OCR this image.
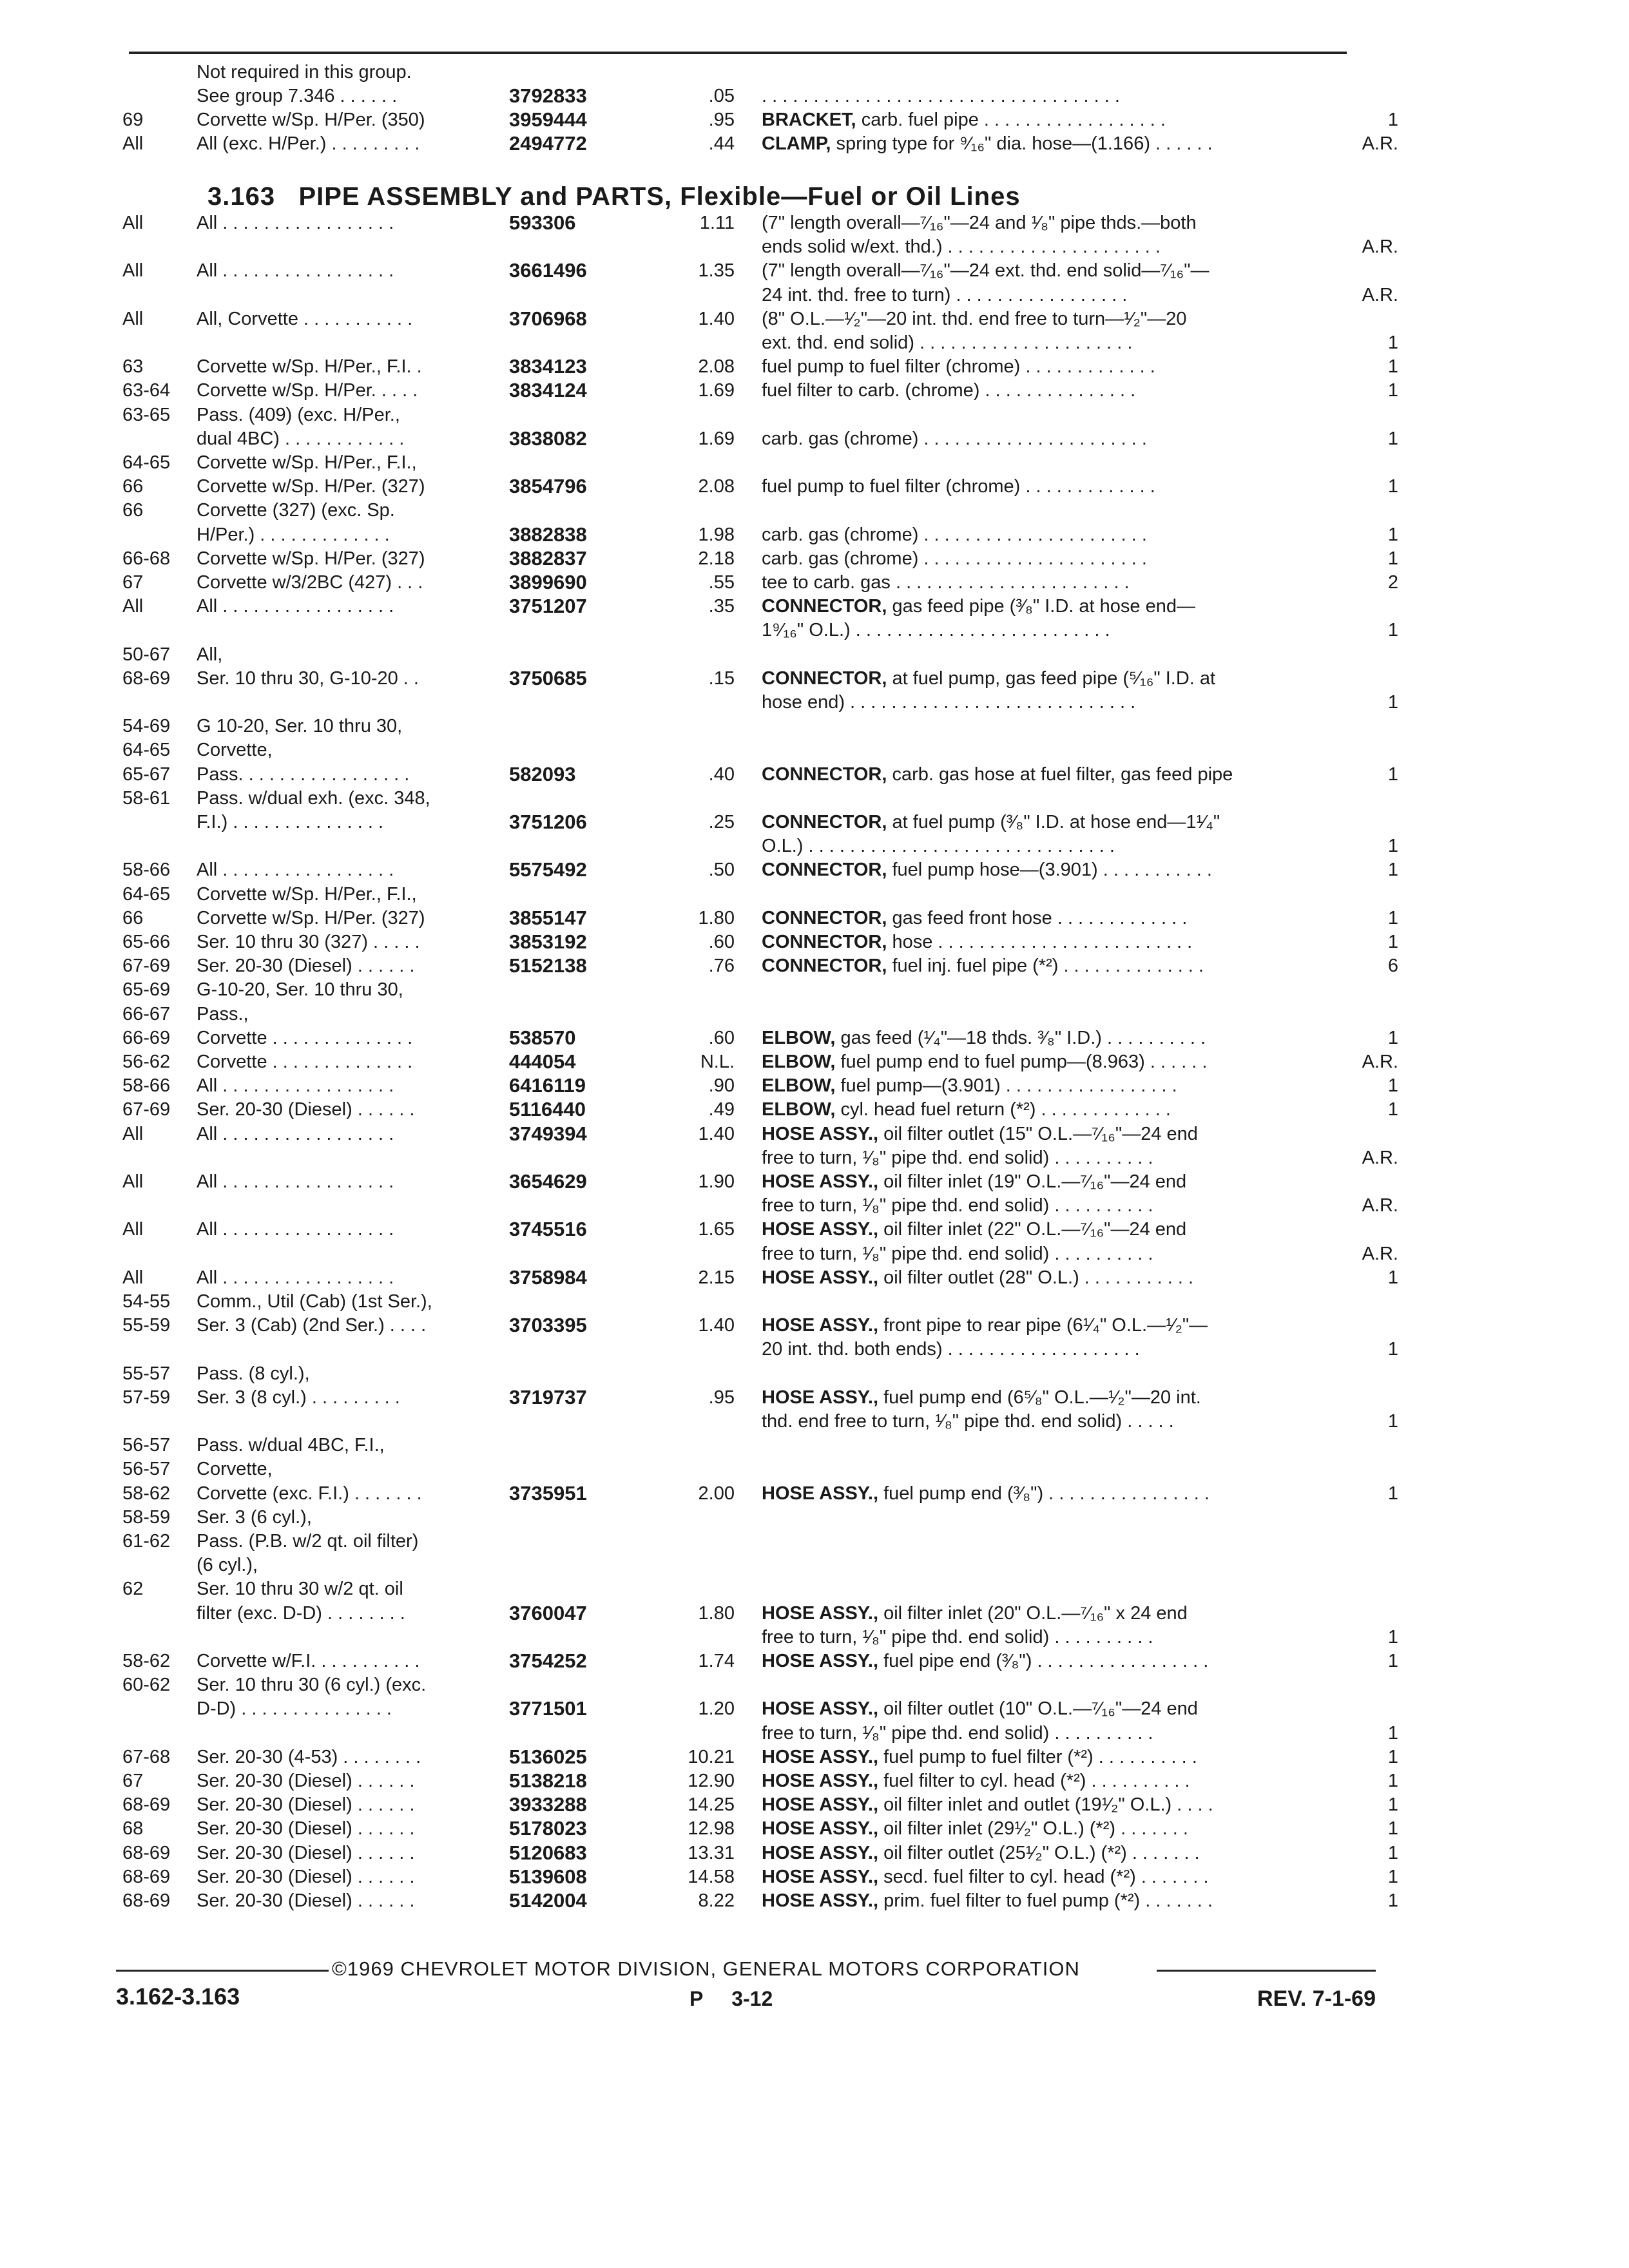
3.163 PIPE ASSEMBLY and PARTS, Flexible—Fuel or Oil Lines
Not required in this group.
See group 7.346 . . . . . .	3792833	.05 . . . . . . . . . . . . . . . . . . . . . . . . . . . . . . . . . . .
69	Corvette w/Sp. H/Per. (350)	3959444	.95 BRACKET, carb. fuel pipe . . . . . . . . . . . . . . . . . .	1
All	All (exc. H/Per.) . . . . . . . . .	2494772	.44 CLAMP, spring type for ⁹⁄₁₆" dia. hose—(1.166) . . . . . .	A.R.
All	All . . . . . . . . . . . . . . . . .	593306	1.11 (7" length overall—⁷⁄₁₆"—24 and ¹⁄₈" pipe thds.—both
ends solid w/ext. thd.) . . . . . . . . . . . . . . . . . . . . .	A.R.
All	All . . . . . . . . . . . . . . . . .	3661496	1.35 (7" length overall—⁷⁄₁₆"—24 ext. thd. end solid—⁷⁄₁₆"—
24 int. thd. free to turn) . . . . . . . . . . . . . . . . .	A.R.
All	All, Corvette . . . . . . . . . . .	3706968	1.40 (8" O.L.—¹⁄₂"—20 int. thd. end free to turn—¹⁄₂"—20
ext. thd. end solid) . . . . . . . . . . . . . . . . . . . . .	1
63	Corvette w/Sp. H/Per., F.I. .	3834123	2.08 fuel pump to fuel filter (chrome) . . . . . . . . . . . . .	1
63-64 Corvette w/Sp. H/Per. . . . .	3834124	1.69 fuel filter to carb. (chrome) . . . . . . . . . . . . . . .	1
63-65 Pass. (409) (exc. H/Per.,
dual 4BC) . . . . . . . . . . . .	3838082	1.69 carb. gas (chrome) . . . . . . . . . . . . . . . . . . . . . .	1
64-65 Corvette w/Sp. H/Per., F.I.,
66	Corvette w/Sp. H/Per. (327)	3854796	2.08 fuel pump to fuel filter (chrome) . . . . . . . . . . . . .	1
66	Corvette (327) (exc. Sp.
H/Per.) . . . . . . . . . . . . .	3882838	1.98 carb. gas (chrome) . . . . . . . . . . . . . . . . . . . . . .	1
66-68 Corvette w/Sp. H/Per. (327)	3882837	2.18 carb. gas (chrome) . . . . . . . . . . . . . . . . . . . . . .	1
67	Corvette w/3/2BC (427) . . .	3899690	.55 tee to carb. gas . . . . . . . . . . . . . . . . . . . . . . .	2
All	All . . . . . . . . . . . . . . . . .	3751207	.35 CONNECTOR, gas feed pipe (³⁄₈" I.D. at hose end—
1⁹⁄₁₆" O.L.) . . . . . . . . . . . . . . . . . . . . . . . . .	1
50-67 All,
68-69 Ser. 10 thru 30, G-10-20 . .	3750685	.15 CONNECTOR, at fuel pump, gas feed pipe (⁵⁄₁₆" I.D. at
hose end) . . . . . . . . . . . . . . . . . . . . . . . . . . . .	1
54-69 G 10-20, Ser. 10 thru 30,
64-65 Corvette,
65-67 Pass. . . . . . . . . . . . . . . . .	582093	.40 CONNECTOR, carb. gas hose at fuel filter, gas feed pipe	1
58-61 Pass. w/dual exh. (exc. 348,
F.I.) . . . . . . . . . . . . . . .	3751206	.25 CONNECTOR, at fuel pump (³⁄₈" I.D. at hose end—1¹⁄₄"
O.L.) . . . . . . . . . . . . . . . . . . . . . . . . . . . . . .	1
58-66 All . . . . . . . . . . . . . . . . .	5575492	.50 CONNECTOR, fuel pump hose—(3.901) . . . . . . . . . . .	1
64-65 Corvette w/Sp. H/Per., F.I.,
66	Corvette w/Sp. H/Per. (327)	3855147	1.80 CONNECTOR, gas feed front hose . . . . . . . . . . . . .	1
65-66 Ser. 10 thru 30 (327) . . . . .	3853192	.60 CONNECTOR, hose . . . . . . . . . . . . . . . . . . . . . . . . .	1
67-69 Ser. 20-30 (Diesel) . . . . . .	5152138	.76 CONNECTOR, fuel inj. fuel pipe (*²) . . . . . . . . . . . . . .	6
65-69 G-10-20, Ser. 10 thru 30,
66-67 Pass.,
66-69 Corvette . . . . . . . . . . . . . .	538570	.60 ELBOW, gas feed (¹⁄₄"—18 thds. ³⁄₈" I.D.) . . . . . . . . . .	1
56-62 Corvette . . . . . . . . . . . . . .	444054	N.L. ELBOW, fuel pump end to fuel pump—(8.963) . . . . . .	A.R.
58-66 All . . . . . . . . . . . . . . . . .	6416119	.90 ELBOW, fuel pump—(3.901) . . . . . . . . . . . . . . . . .	1
67-69 Ser. 20-30 (Diesel) . . . . . .	5116440	.49 ELBOW, cyl. head fuel return (*²) . . . . . . . . . . . . .	1
All	All . . . . . . . . . . . . . . . . .	3749394	1.40 HOSE ASSY., oil filter outlet (15" O.L.—⁷⁄₁₆"—24 end
free to turn, ¹⁄₈" pipe thd. end solid) . . . . . . . . . .	A.R.
All	All . . . . . . . . . . . . . . . . .	3654629	1.90 HOSE ASSY., oil filter inlet (19" O.L.—⁷⁄₁₆"—24 end
free to turn, ¹⁄₈" pipe thd. end solid) . . . . . . . . . .	A.R.
All	All . . . . . . . . . . . . . . . . .	3745516	1.65 HOSE ASSY., oil filter inlet (22" O.L.—⁷⁄₁₆"—24 end
free to turn, ¹⁄₈" pipe thd. end solid) . . . . . . . . . .	A.R.
All	All . . . . . . . . . . . . . . . . .	3758984	2.15 HOSE ASSY., oil filter outlet (28" O.L.) . . . . . . . . . . .	1
54-55 Comm., Util (Cab) (1st Ser.),
55-59 Ser. 3 (Cab) (2nd Ser.) . . . .	3703395	1.40 HOSE ASSY., front pipe to rear pipe (6¹⁄₄" O.L.—¹⁄₂"—
20 int. thd. both ends) . . . . . . . . . . . . . . . . . . .	1
55-57 Pass. (8 cyl.),
57-59 Ser. 3 (8 cyl.) . . . . . . . . .	3719737	.95 HOSE ASSY., fuel pump end (6⁵⁄₈" O.L.—¹⁄₂"—20 int.
thd. end free to turn, ¹⁄₈" pipe thd. end solid) . . . . .	1
56-57 Pass. w/dual 4BC, F.I.,
56-57 Corvette,
58-62 Corvette (exc. F.I.) . . . . . . .	3735951	2.00 HOSE ASSY., fuel pump end (³⁄₈") . . . . . . . . . . . . . . . .	1
58-59 Ser. 3 (6 cyl.),
61-62 Pass. (P.B. w/2 qt. oil filter)
(6 cyl.),
62	Ser. 10 thru 30 w/2 qt. oil
filter (exc. D-D) . . . . . . . .	3760047	1.80 HOSE ASSY., oil filter inlet (20" O.L.—⁷⁄₁₆" x 24 end
free to turn, ¹⁄₈" pipe thd. end solid) . . . . . . . . . .	1
58-62 Corvette w/F.I. . . . . . . . . . .	3754252	1.74 HOSE ASSY., fuel pipe end (³⁄₈") . . . . . . . . . . . . . . . . .	1
60-62 Ser. 10 thru 30 (6 cyl.) (exc.
D-D) . . . . . . . . . . . . . . .	3771501	1.20 HOSE ASSY., oil filter outlet (10" O.L.—⁷⁄₁₆"—24 end
free to turn, ¹⁄₈" pipe thd. end solid) . . . . . . . . . .	1
67-68 Ser. 20-30 (4-53) . . . . . . . .	5136025	10.21 HOSE ASSY., fuel pump to fuel filter (*²) . . . . . . . . . .	1
67	Ser. 20-30 (Diesel) . . . . . .	5138218	12.90 HOSE ASSY., fuel filter to cyl. head (*²) . . . . . . . . . .	1
68-69 Ser. 20-30 (Diesel) . . . . . .	3933288	14.25 HOSE ASSY., oil filter inlet and outlet (19¹⁄₂" O.L.) . . . .	1
68	Ser. 20-30 (Diesel) . . . . . .	5178023	12.98 HOSE ASSY., oil filter inlet (29¹⁄₂" O.L.) (*²) . . . . . . .	1
68-69 Ser. 20-30 (Diesel) . . . . . .	5120683	13.31 HOSE ASSY., oil filter outlet (25¹⁄₂" O.L.) (*²) . . . . . . .	1
68-69 Ser. 20-30 (Diesel) . . . . . .	5139608	14.58 HOSE ASSY., secd. fuel filter to cyl. head (*²) . . . . . . .	1
68-69 Ser. 20-30 (Diesel) . . . . . .	5142004	8.22 HOSE ASSY., prim. fuel filter to fuel pump (*²) . . . . . . .	1
©1969 CHEVROLET MOTOR DIVISION, GENERAL MOTORS CORPORATION
3.162-3.163	P     3-12	REV. 7-1-69
